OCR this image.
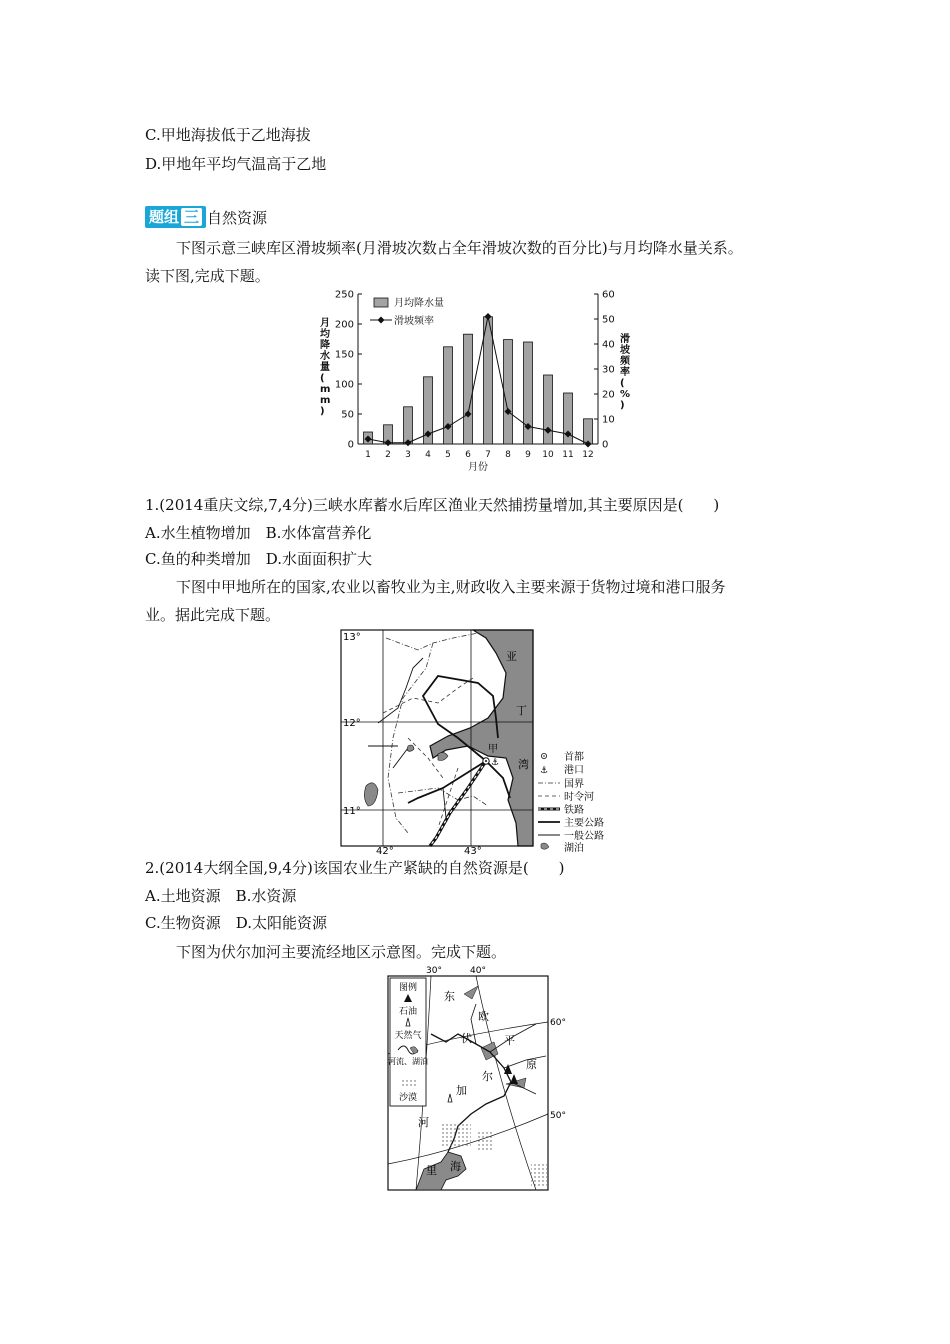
C.甲地海拔低于乙地海拔
D.甲地年平均气温高于乙地
题组 三 自然资源
下图示意三峡库区滑坡频率(月滑坡次数占全年滑坡次数的百分比)与月均降水量关系。
读下图,完成下题。
0
50
100
150
200
250
0
10
20
30
40
50
60
1 2 3 4 5 6 7 8 9 10 11 12
月份
月均降水量( m m )
滑坡频率( % )
月均降水量
滑坡频率
1.(2014重庆文综,7,4分)三峡水库蓄水后库区渔业天然捕捞量增加,其主要原因是(　　)
A.水生植物增加　B.水体富营养化
C.鱼的种类增加　D.水面面积扩大
下图中甲地所在的国家,农业以畜牧业为主,财政收入主要来源于货物过境和港口服务
业。据此完成下题。
⚓
13°
12°
11°
42°	43°
亚
丁
湾
甲
首都
⚓ 港口
国界
时令河
铁路
主要公路
一般公路
湖泊
2.(2014大纲全国,9,4分)该国农业生产紧缺的自然资源是(　　)
A.土地资源　B.水资源
C.生物资源　D.太阳能资源
下图为伏尔加河主要流经地区示意图。完成下题。
30°	40°
60°
50°
东
欧
平
原
伏
尔
加
河
里 海
图例
石油
天然气
河流、湖泊
沙漠
